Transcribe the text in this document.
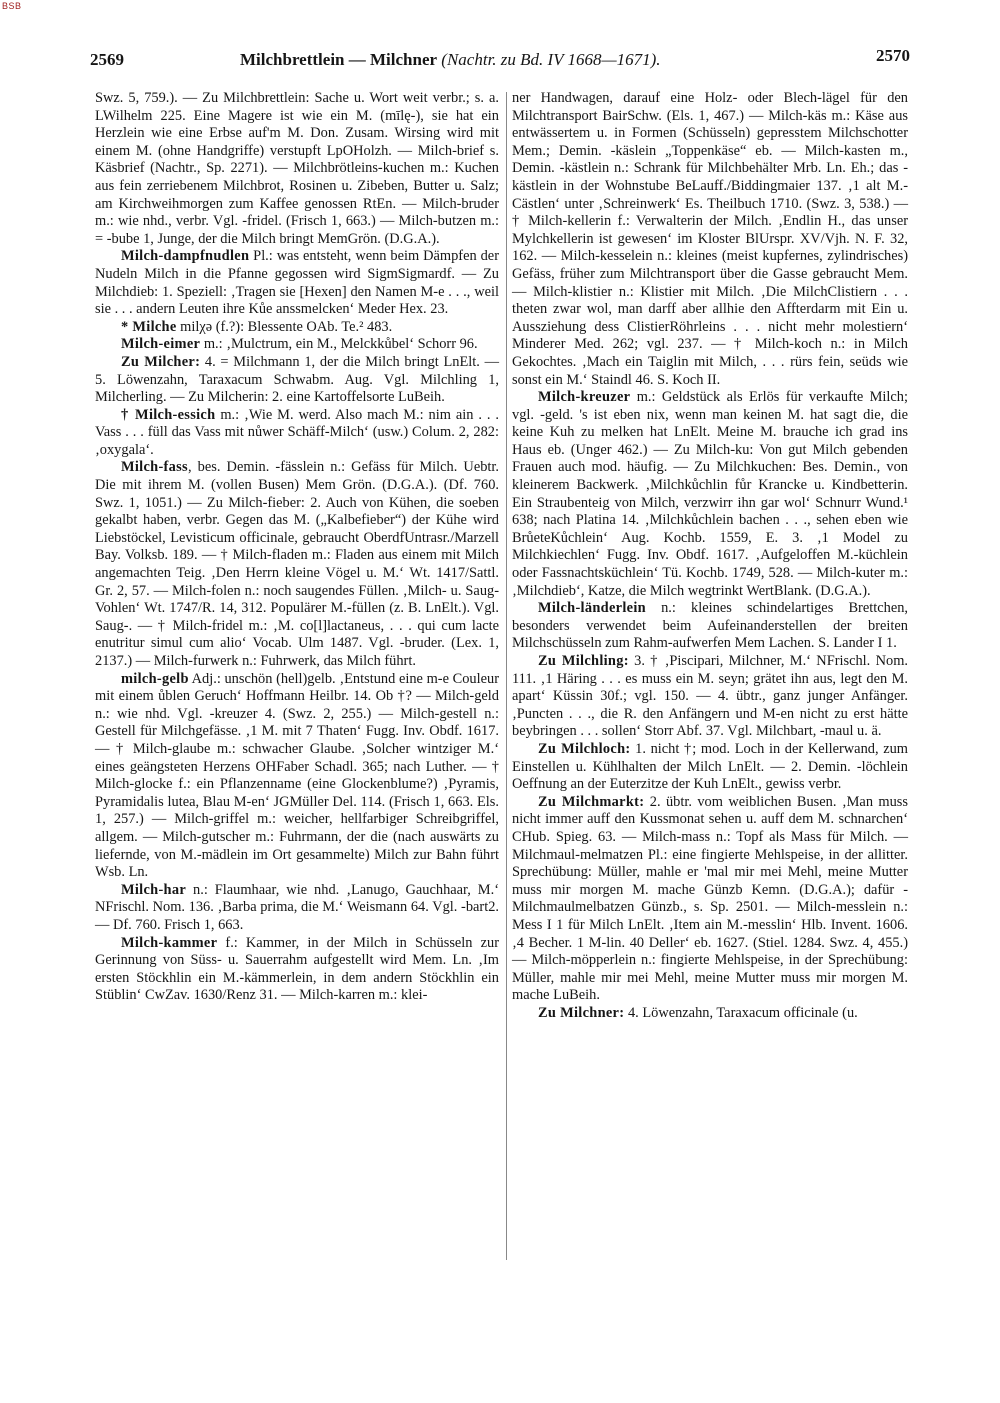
BSB
2569	Milchbrettlein — Milchner (Nachtr. zu Bd. IV 1668—1671).	2570

Swz. 5, 759.). — Zu Milchbrettlein: Sache u. Wort weit verbr.; s. a. LWilhelm 225. Eine Magere ist wie ein M. (mīlę-), sie hat ein Herzlein wie eine Erbse auf'm M. Don. Zusam. Wirsing wird mit einem M. (ohne Handgriffe) verstupft LpOHolzh. — Milch-brief s. Käsbrief (Nachtr., Sp. 2271). — Milchbrötleins-kuchen m.: Kuchen aus fein zerriebenem Milchbrot, Rosinen u. Zibeben, Butter u. Salz; am Kirchweihmorgen zum Kaffee genossen RtEn. — Milch-bruder m.: wie nhd., verbr. Vgl. -fridel. (Frisch 1, 663.) — Milch-butzen m.: = -bube 1, Junge, der die Milch bringt MemGrön. (D.G.A.).

Milch-dampfnudlen Pl.: was entsteht, wenn beim Dämpfen der Nudeln Milch in die Pfanne gegossen wird SigmSigmardf. — Zu Milchdieb: 1. Speziell: ‚Tragen sie [Hexen] den Namen M-e . . ., weil sie . . . andern Leuten ihre Kůe anssmelcken‘ Meder Hex. 23.

* Milche milχə (f.?): Blessente OAb. Te.² 483.

Milch-eimer m.: ‚Mulctrum, ein M., Melckkůbel‘ Schorr 96.

Zu Milcher: 4. = Milchmann 1, der die Milch bringt LnElt. — 5. Löwenzahn, Taraxacum Schwabm. Aug. Vgl. Milchling 1, Milcherling. — Zu Milcherin: 2. eine Kartoffelsorte LuBeih.

† Milch-essich m.: ‚Wie M. werd. Also mach M.: nim ain . . . Vass . . . füll das Vass mit nůwer Schäff-Milch‘ (usw.) Colum. 2, 282: ‚oxygala‘.

Milch-fass, bes. Demin. -fässlein n.: Gefäss für Milch. Uebtr. Die mit ihrem M. (vollen Busen) Mem Grön. (D.G.A.). (Df. 760. Swz. 1, 1051.) — Zu Milch-fieber: 2. Auch von Kühen, die soeben gekalbt haben, verbr. Gegen das M. („Kalbefieber“) der Kühe wird Liebstöckel, Levisticum officinale, gebraucht OberdfUntrasr./Marzell Bay. Volksb. 189. — † Milch-fladen m.: Fladen aus einem mit Milch angemachten Teig. ‚Den Herrn kleine Vögel u. M.‘ Wt. 1417/Sattl. Gr. 2, 57. — Milch-folen n.: noch saugendes Füllen. ‚Milch- u. Saug-Vohlen‘ Wt. 1747/R. 14, 312. Populärer M.-füllen (z. B. LnElt.). Vgl. Saug-. — † Milch-fridel m.: ‚M. co[l]lactaneus, . . . qui cum lacte enutritur simul cum alio‘ Vocab. Ulm 1487. Vgl. -bruder. (Lex. 1, 2137.) — Milch-furwerk n.: Fuhrwerk, das Milch führt.

milch-gelb Adj.: unschön (hell)gelb. ‚Entstund eine m-e Couleur mit einem ůblen Geruch‘ Hoffmann Heilbr. 14. Ob †? — Milch-geld n.: wie nhd. Vgl. -kreuzer 4. (Swz. 2, 255.) — Milch-gestell n.: Gestell für Milchgefässe. ‚1 M. mit 7 Thaten‘ Fugg. Inv. Obdf. 1617. — † Milch-glaube m.: schwacher Glaube. ‚Solcher wintziger M.‘ eines geängsteten Herzens OHFaber Schadl. 365; nach Luther. — † Milch-glocke f.: ein Pflanzenname (eine Glockenblume?) ‚Pyramis, Pyramidalis lutea, Blau M-en‘ JGMüller Del. 114. (Frisch 1, 663. Els. 1, 257.) — Milch-griffel m.: weicher, hellfarbiger Schreibgriffel, allgem. — Milch-gutscher m.: Fuhrmann, der die (nach auswärts zu liefernde, von M.-mädlein im Ort gesammelte) Milch zur Bahn führt Wsb. Ln.

Milch-har n.: Flaumhaar, wie nhd. ‚Lanugo, Gauchhaar, M.‘ NFrischl. Nom. 136. ‚Barba prima, die M.‘ Weismann 64. Vgl. -bart2. — Df. 760. Frisch 1, 663.

Milch-kammer f.: Kammer, in der Milch in Schüsseln zur Gerinnung von Süss- u. Sauerrahm aufgestellt wird Mem. Ln. ‚Im ersten Stöckhlin ein M.-kämmerlein, in dem andern Stöckhlin ein Stüblin‘ CwZav. 1630/Renz 31. — Milch-karren m.: klei-

ner Handwagen, darauf eine Holz- oder Blech-lägel für den Milchtransport BairSchw. (Els. 1, 467.) — Milch-käs m.: Käse aus entwässertem u. in Formen (Schüsseln) gepresstem Milchschotter Mem.; Demin. -käslein „Toppenkäse“ eb. — Milch-kasten m., Demin. -kästlein n.: Schrank für Milchbehälter Mrb. Ln. Eh.; das -kästlein in der Wohnstube BeLauff./Biddingmaier 137. ‚1 alt M.-Cästlen‘ unter ‚Schreinwerk‘ Es. Theilbuch 1710. (Swz. 3, 538.) — † Milch-kellerin f.: Verwalterin der Milch. ‚Endlin H., das unser Mylchkellerin ist gewesen‘ im Kloster BlUrspr. XV/Vjh. N. F. 32, 162. — Milch-kesselein n.: kleines (meist kupfernes, zylindrisches) Gefäss, früher zum Milchtransport über die Gasse gebraucht Mem. — Milch-klistier n.: Klistier mit Milch. ‚Die MilchClistiern . . . theten zwar wol, man darff aber allhie den Affterdarm mit Ein u. Aussziehung dess ClistierRöhrleins . . . nicht mehr molestiern‘ Minderer Med. 262; vgl. 237. — † Milch-koch n.: in Milch Gekochtes. ‚Mach ein Taiglin mit Milch, . . . rürs fein, seüds wie sonst ein M.‘ Staindl 46. S. Koch II.

Milch-kreuzer m.: Geldstück als Erlös für verkaufte Milch; vgl. -geld. 's ist eben nix, wenn man keinen M. hat sagt die, die keine Kuh zu melken hat LnElt. Meine M. brauche ich grad ins Haus eb. (Unger 462.) — Zu Milch-ku: Von gut Milch gebenden Frauen auch mod. häufig. — Zu Milchkuchen: Bes. Demin., von kleinerem Backwerk. ‚Milchkůchlin fůr Krancke u. Kindbetterin. Ein Straubenteig von Milch, verzwirr ihn gar wol‘ Schnurr Wund.¹ 638; nach Platina 14. ‚Milchkůchlein bachen . . ., sehen eben wie BrůeteKůchlein‘ Aug. Kochb. 1559, E. 3. ‚1 Model zu Milchkiechlen‘ Fugg. Inv. Obdf. 1617. ‚Aufgeloffen M.-küchlein oder Fassnachtsküchlein‘ Tü. Kochb. 1749, 528. — Milch-kuter m.: ‚Milchdieb‘, Katze, die Milch wegtrinkt WertBlank. (D.G.A.).

Milch-länderlein n.: kleines schindelartiges Brettchen, besonders verwendet beim Aufeinanderstellen der breiten Milchschüsseln zum Rahm-aufwerfen Mem Lachen. S. Lander I 1.

Zu Milchling: 3. † ‚Piscipari, Milchner, M.‘ NFrischl. Nom. 111. ‚1 Häring . . . es muss ein M. seyn; grätet ihn aus, legt den M. apart‘ Küssin 30f.; vgl. 150. — 4. übtr., ganz junger Anfänger. ‚Puncten . . ., die R. den Anfängern und M-en nicht zu erst hätte beybringen . . . sollen‘ Storr Abf. 37. Vgl. Milchbart, -maul u. ä.

Zu Milchloch: 1. nicht †; mod. Loch in der Kellerwand, zum Einstellen u. Kühlhalten der Milch LnElt. — 2. Demin. -löchlein Oeffnung an der Euterzitze der Kuh LnElt., gewiss verbr.

Zu Milchmarkt: 2. übtr. vom weiblichen Busen. ‚Man muss nicht immer auff den Kussmonat sehen u. auff dem M. schnarchen‘ CHub. Spieg. 63. — Milch-mass n.: Topf als Mass für Milch. — Milchmaul-melmatzen Pl.: eine fingierte Mehlspeise, in der allitter. Sprechübung: Müller, mahle er 'mal mir mei Mehl, meine Mutter muss mir morgen M. mache Günzb Kemn. (D.G.A.); dafür -Milchmaulmelbatzen Günzb., s. Sp. 2501. — Milch-messlein n.: Mess I 1 für Milch LnElt. ‚Item ain M.-messlin‘ Hlb. Invent. 1606. ‚4 Becher. 1 M-lin. 40 Deller‘ eb. 1627. (Stiel. 1284. Swz. 4, 455.) — Milch-möpperlein n.: fingierte Mehlspeise, in der Sprechübung: Müller, mahle mir mei Mehl, meine Mutter muss mir morgen M. mache LuBeih.

Zu Milchner: 4. Löwenzahn, Taraxacum officinale (u.
